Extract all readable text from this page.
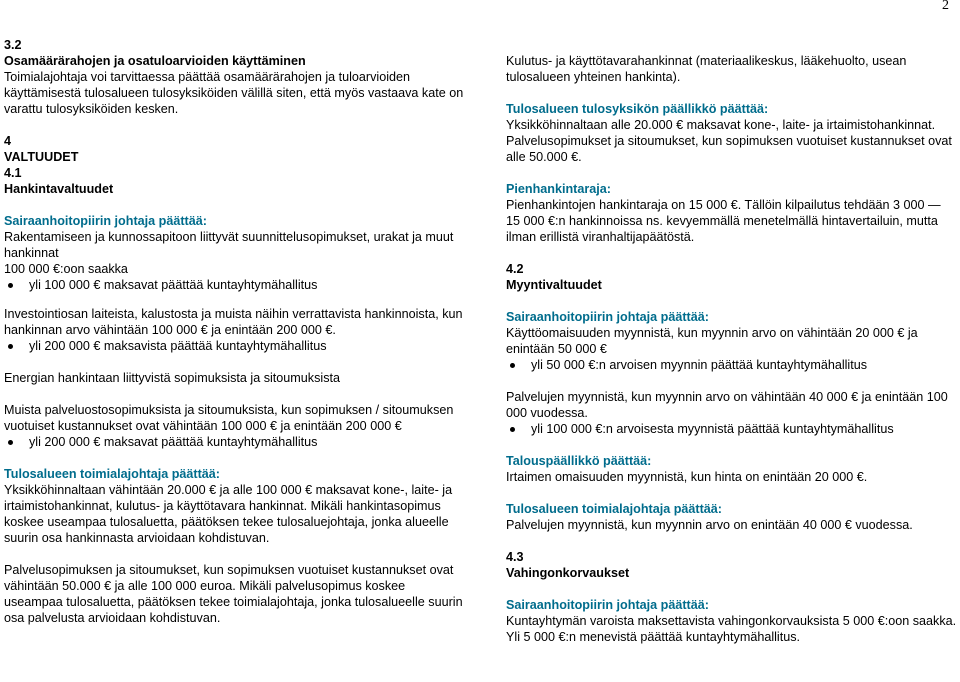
2

3.2

Osamäärärahojen ja osatuloarvioiden käyttäminen

Toimialajohtaja voi tarvittaessa päättää osamäärärahojen ja tuloarvioiden käyttämisestä tulosalueen tulosyksiköiden välillä siten, että myös vastaava kate on varattu tulosyksiköiden kesken.

4

VALTUUDET

4.1

Hankintavaltuudet

Sairaanhoitopiirin johtaja päättää:

Rakentamiseen ja kunnossapitoon liittyvät suunnittelusopimukset, urakat ja muut hankinnat

100 000 €:oon saakka

yli 100 000 € maksavat päättää kuntayhtymähallitus

Investointiosan laiteista, kalustosta ja muista näihin verrattavista hankinnoista, kun hankinnan arvo vähintään 100 000 € ja enintään 200 000 €.

yli 200 000 € maksavista päättää kuntayhtymähallitus

Energian hankintaan liittyvistä sopimuksista ja sitoumuksista

Muista palveluostosopimuksista ja sitoumuksista, kun sopimuksen / sitoumuksen vuotuiset kustannukset ovat vähintään 100 000 € ja enintään 200 000 €

yli 200 000 € maksavat päättää kuntayhtymähallitus

Tulosalueen toimialajohtaja päättää:

Yksikköhinnaltaan vähintään 20.000 € ja alle 100 000 € maksavat kone-, laite- ja irtaimistohankinnat, kulutus- ja käyttötavara hankinnat. Mikäli hankintasopimus koskee useampaa tulosaluetta, päätöksen tekee tulosaluejohtaja, jonka alueelle suurin osa hankinnasta arvioidaan kohdistuvan.

Palvelusopimuksen ja sitoumukset, kun sopimuksen vuotuiset kustannukset ovat vähintään 50.000 € ja alle 100 000 euroa. Mikäli palvelusopimus koskee useampaa tulosaluetta, päätöksen tekee toimialajohtaja, jonka tulosalueelle suurin osa palvelusta arvioidaan kohdistuvan.

Kulutus- ja käyttötavarahankinnat (materiaalikeskus, lääkehuolto, usean tulosalueen yhteinen hankinta).

Tulosalueen tulosyksikön päällikkö päättää:

Yksikköhinnaltaan alle 20.000 € maksavat kone-, laite- ja irtaimistohankinnat.

Palvelusopimukset ja sitoumukset, kun sopimuksen vuotuiset kustannukset ovat alle 50.000 €.

Pienhankintaraja:

Pienhankintojen hankintaraja on 15 000 €. Tällöin kilpailutus tehdään 3 000 — 15 000 €:n hankinnoissa ns. kevyemmällä menetelmällä hintavertailuin, mutta ilman erillistä viranhaltijapäätöstä.

4.2

Myyntivaltuudet

Sairaanhoitopiirin johtaja päättää:

Käyttöomaisuuden myynnistä, kun myynnin arvo on vähintään 20 000 € ja enintään 50 000 €

yli 50 000 €:n arvoisen myynnin päättää kuntayhtymähallitus

Palvelujen myynnistä, kun myynnin arvo on vähintään 40 000 € ja enintään 100 000 vuodessa.

yli 100 000 €:n arvoisesta myynnistä päättää kuntayhtymähallitus

Talouspäällikkö päättää:

Irtaimen omaisuuden myynnistä, kun hinta on enintään 20 000 €.

Tulosalueen toimialajohtaja päättää:

Palvelujen myynnistä, kun myynnin arvo on enintään 40 000 € vuodessa.

4.3

Vahingonkorvaukset

Sairaanhoitopiirin johtaja päättää:

Kuntayhtymän varoista maksettavista vahingonkorvauksista 5 000 €:oon saakka.

Yli 5 000 €:n menevistä päättää kuntayhtymähallitus.
